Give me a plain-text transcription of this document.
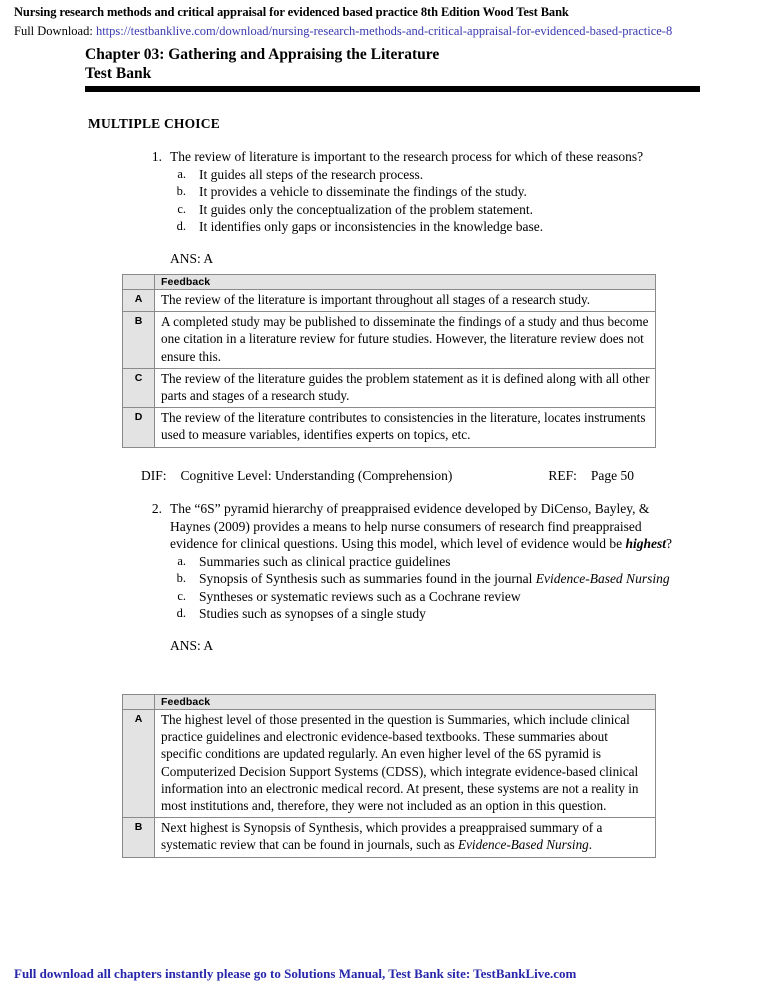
Nursing research methods and critical appraisal for evidenced based practice 8th Edition Wood Test Bank
Full Download: https://testbanklive.com/download/nursing-research-methods-and-critical-appraisal-for-evidenced-based-practice-8
Chapter 03: Gathering and Appraising the Literature
Test Bank
MULTIPLE CHOICE
1. The review of literature is important to the research process for which of these reasons?
a. It guides all steps of the research process.
b. It provides a vehicle to disseminate the findings of the study.
c. It guides only the conceptualization of the problem statement.
d. It identifies only gaps or inconsistencies in the knowledge base.
ANS: A
	Feedback
A	The review of the literature is important throughout all stages of a research study.
B	A completed study may be published to disseminate the findings of a study and thus become one citation in a literature review for future studies. However, the literature review does not ensure this.
C	The review of the literature guides the problem statement as it is defined along with all other parts and stages of a research study.
D	The review of the literature contributes to consistencies in the literature, locates instruments used to measure variables, identifies experts on topics, etc.
DIF: Cognitive Level: Understanding (Comprehension)	REF: Page 50
2. The “6S” pyramid hierarchy of preappraised evidence developed by DiCenso, Bayley, & Haynes (2009) provides a means to help nurse consumers of research find preappraised evidence for clinical questions. Using this model, which level of evidence would be highest?
a. Summaries such as clinical practice guidelines
b. Synopsis of Synthesis such as summaries found in the journal Evidence-Based Nursing
c. Syntheses or systematic reviews such as a Cochrane review
d. Studies such as synopses of a single study
ANS: A
	Feedback
A	The highest level of those presented in the question is Summaries, which include clinical practice guidelines and electronic evidence-based textbooks. These summaries about specific conditions are updated regularly. An even higher level of the 6S pyramid is Computerized Decision Support Systems (CDSS), which integrate evidence-based clinical information into an electronic medical record. At present, these systems are not a reality in most institutions and, therefore, they were not included as an option in this question.
B	Next highest is Synopsis of Synthesis, which provides a preappraised summary of a systematic review that can be found in journals, such as Evidence-Based Nursing.
Full download all chapters instantly please go to Solutions Manual, Test Bank site: TestBankLive.com
